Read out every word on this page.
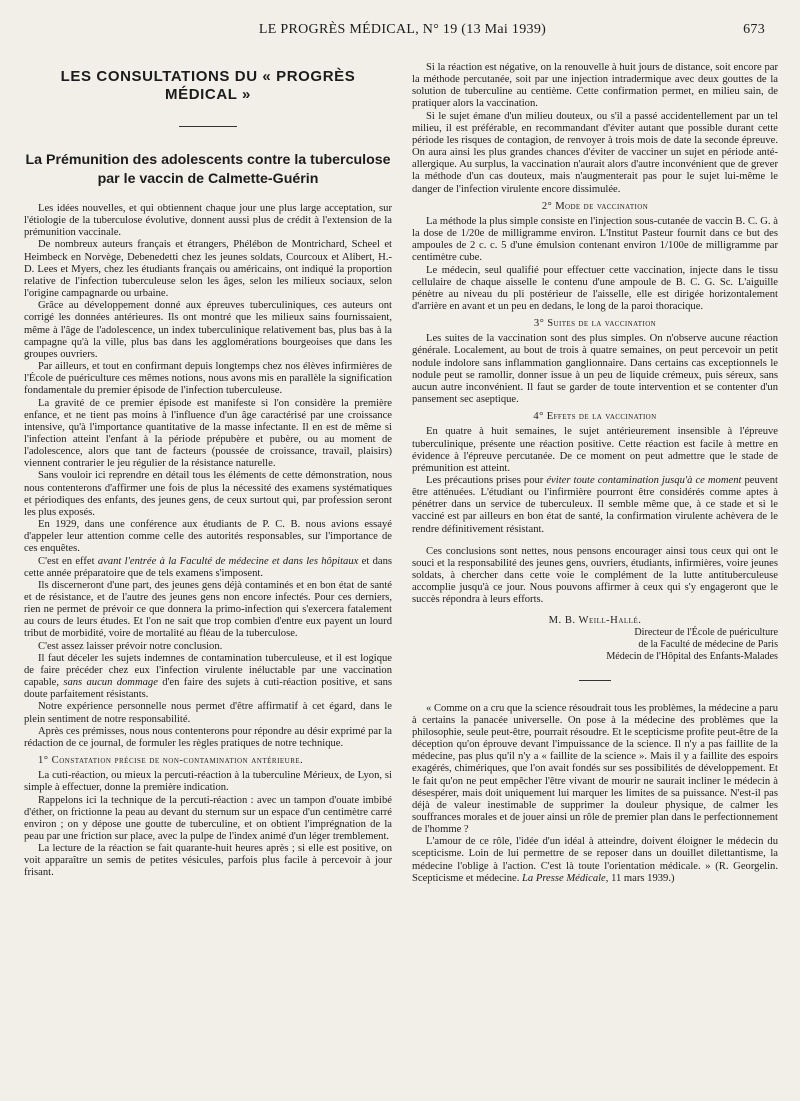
LE PROGRÈS MÉDICAL, N° 19 (13 Mai 1939)	673
LES CONSULTATIONS DU « PROGRÈS MÉDICAL »
La Prémunition des adolescents contre la tuberculose
par le vaccin de Calmette-Guérin

Les idées nouvelles, et qui obtiennent chaque jour une plus large acceptation, sur l'étiologie de la tuberculose évolutive, donnent aussi plus de crédit à l'extension de la prémunition vaccinale.

De nombreux auteurs français et étrangers, Phélébon de Montrichard, Scheel et Heimbeck en Norvège, Debenedetti chez les jeunes soldats, Courcoux et Alibert, H.-D. Lees et Myers, chez les étudiants français ou américains, ont indiqué la proportion relative de l'infection tuberculeuse selon les âges, selon les milieux sociaux, selon l'origine campagnarde ou urbaine.

Grâce au développement donné aux épreuves tuberculiniques, ces auteurs ont corrigé les données antérieures. Ils ont montré que les milieux sains fournissaient, même à l'âge de l'adolescence, un index tuberculinique relativement bas, plus bas à la campagne qu'à la ville, plus bas dans les agglomérations bourgeoises que dans les groupes ouvriers.

Par ailleurs, et tout en confirmant depuis longtemps chez nos élèves infirmières de l'École de puériculture ces mêmes notions, nous avons mis en parallèle la signification fondamentale du premier épisode de l'infection tuberculeuse.

La gravité de ce premier épisode est manifeste si l'on considère la première enfance, et ne tient pas moins à l'influence d'un âge caractérisé par une croissance intensive, qu'à l'importance quantitative de la masse infectante. Il en est de même si l'infection atteint l'enfant à la période prépubère et pubère, ou au moment de l'adolescence, alors que tant de facteurs (poussée de croissance, travail, plaisirs) viennent contrarier le jeu régulier de la résistance naturelle.

Sans vouloir ici reprendre en détail tous les éléments de cette démonstration, nous nous contenterons d'affirmer une fois de plus la nécessité des examens systématiques et périodiques des enfants, des jeunes gens, de ceux surtout qui, par profession seront les plus exposés.

En 1929, dans une conférence aux étudiants de P. C. B. nous avions essayé d'appeler leur attention comme celle des autorités responsables, sur l'importance de ces enquêtes.

C'est en effet avant l'entrée à la Faculté de médecine et dans les hôpitaux et dans cette année préparatoire que de tels examens s'imposent.

Ils discerneront d'une part, des jeunes gens déjà contaminés et en bon état de santé et de résistance, et de l'autre des jeunes gens non encore infectés. Pour ces derniers, rien ne permet de prévoir ce que donnera la primo-infection qui s'exercera fatalement au cours de leurs études. Et l'on ne sait que trop combien d'entre eux payent un lourd tribut de morbidité, voire de mortalité au fléau de la tuberculose.

C'est assez laisser prévoir notre conclusion.

Il faut déceler les sujets indemnes de contamination tuberculeuse, et il est logique de faire précéder chez eux l'infection virulente inéluctable par une vaccination capable, sans aucun dommage d'en faire des sujets à cuti-réaction positive, et sans doute parfaitement résistants.

Notre expérience personnelle nous permet d'être affirmatif à cet égard, dans le plein sentiment de notre responsabilité.

Après ces prémisses, nous nous contenterons pour répondre au désir exprimé par la rédaction de ce journal, de formuler les règles pratiques de notre technique.

1° Constatation précise de non-contamination antérieure.

La cuti-réaction, ou mieux la percuti-réaction à la tuberculine Mérieux, de Lyon, si simple à effectuer, donne la première indication.

Rappelons ici la technique de la percuti-réaction : avec un tampon d'ouate imbibé d'éther, on frictionne la peau au devant du sternum sur un espace d'un centimètre carré environ ; on y dépose une goutte de tuberculine, et on obtient l'imprégnation de la peau par une friction sur place, avec la pulpe de l'index animé d'un léger tremblement.

La lecture de la réaction se fait quarante-huit heures après ; si elle est positive, on voit apparaître un semis de petites vésicules, parfois plus facile à percevoir à jour frisant.

Si la réaction est négative, on la renouvelle à huit jours de distance, soit encore par la méthode percutanée, soit par une injection intradermique avec deux gouttes de la solution de tuberculine au centième. Cette confirmation permet, en milieu sain, de pratiquer alors la vaccination.

Si le sujet émane d'un milieu douteux, ou s'il a passé accidentellement par un tel milieu, il est préférable, en recommandant d'éviter autant que possible durant cette période les risques de contagion, de renvoyer à trois mois de date la seconde épreuve. On aura ainsi les plus grandes chances d'éviter de vacciner un sujet en période anté-allergique. Au surplus, la vaccination n'aurait alors d'autre inconvénient que de grever la méthode d'un cas douteux, mais n'augmenterait pas pour le sujet lui-même le danger de l'infection virulente encore dissimulée.

2° Mode de vaccination

La méthode la plus simple consiste en l'injection sous-cutanée de vaccin B. C. G. à la dose de 1/20e de milligramme environ. L'Institut Pasteur fournit dans ce but des ampoules de 2 c. c. 5 d'une émulsion contenant environ 1/100e de milligramme par centimètre cube.

Le médecin, seul qualifié pour effectuer cette vaccination, injecte dans le tissu cellulaire de chaque aisselle le contenu d'une ampoule de B. C. G. Sc. L'aiguille pénètre au niveau du pli postérieur de l'aisselle, elle est dirigée horizontalement d'arrière en avant et un peu en dedans, le long de la paroi thoracique.

3° Suites de la vaccination

Les suites de la vaccination sont des plus simples. On n'observe aucune réaction générale. Localement, au bout de trois à quatre semaines, on peut percevoir un petit nodule indolore sans inflammation ganglionnaire. Dans certains cas exceptionnels le nodule peut se ramollir, donner issue à un peu de liquide crémeux, puis séreux, sans aucun autre inconvénient. Il faut se garder de toute intervention et se contenter d'un pansement sec aseptique.

4° Effets de la vaccination

En quatre à huit semaines, le sujet antérieurement insensible à l'épreuve tuberculinique, présente une réaction positive. Cette réaction est facile à mettre en évidence à l'épreuve percutanée. De ce moment on peut admettre que le stade de prémunition est atteint.

Les précautions prises pour éviter toute contamination jusqu'à ce moment peuvent être atténuées. L'étudiant ou l'infirmière pourront être considérés comme aptes à pénétrer dans un service de tuberculeux. Il semble même que, à ce stade et si le vacciné est par ailleurs en bon état de santé, la confirmation virulente achèvera de le rendre définitivement résistant.

Ces conclusions sont nettes, nous pensons encourager ainsi tous ceux qui ont le souci et la responsabilité des jeunes gens, ouvriers, étudiants, infirmières, voire jeunes soldats, à chercher dans cette voie le complément de la lutte antituberculeuse accomplie jusqu'à ce jour. Nous pouvons affirmer à ceux qui s'y engageront que le succès répondra à leurs efforts.

M. B. Weill-Hallé.
Directeur de l'École de puériculture
de la Faculté de médecine de Paris
Médecin de l'Hôpital des Enfants-Malades

« Comme on a cru que la science résoudrait tous les problèmes, la médecine a paru à certains la panacée universelle. On pose à la médecine des problèmes que la philosophie, seule peut-être, pourrait résoudre. Et le scepticisme profite peut-être de la déception qu'on éprouve devant l'impuissance de la science. Il n'y a pas faillite de la médecine, pas plus qu'il n'y a « faillite de la science ». Mais il y a faillite des espoirs exagérés, chimériques, que l'on avait fondés sur ses possibilités de développement. Et le fait qu'on ne peut empêcher l'être vivant de mourir ne saurait incliner le médecin à désespérer, mais doit uniquement lui marquer les limites de sa puissance. N'est-il pas déjà de valeur inestimable de supprimer la douleur physique, de calmer les souffrances morales et de jouer ainsi un rôle de premier plan dans le perfectionnement de l'homme ?

L'amour de ce rôle, l'idée d'un idéal à atteindre, doivent éloigner le médecin du scepticisme. Loin de lui permettre de se reposer dans un douillet dilettantisme, la médecine l'oblige à l'action. C'est là toute l'orientation médicale. » (R. Georgelin. Scepticisme et médecine. La Presse Médicale, 11 mars 1939.)
